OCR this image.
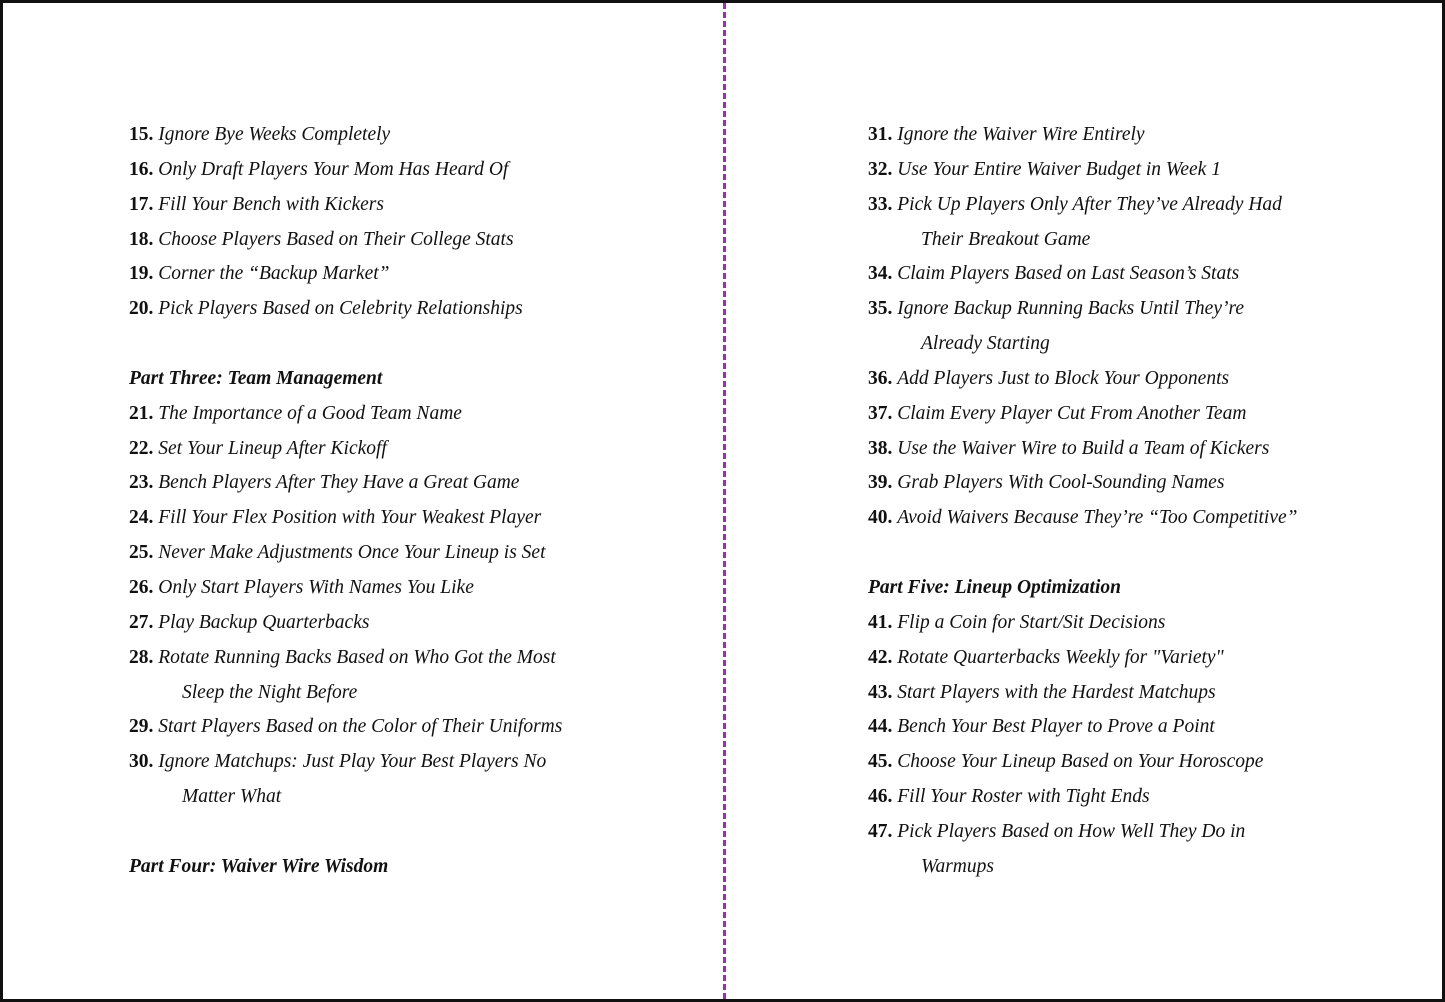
15. Ignore Bye Weeks Completely
16. Only Draft Players Your Mom Has Heard Of
17. Fill Your Bench with Kickers
18. Choose Players Based on Their College Stats
19. Corner the “Backup Market”
20. Pick Players Based on Celebrity Relationships
Part Three: Team Management
21. The Importance of a Good Team Name
22. Set Your Lineup After Kickoff
23. Bench Players After They Have a Great Game
24. Fill Your Flex Position with Your Weakest Player
25. Never Make Adjustments Once Your Lineup is Set
26. Only Start Players With Names You Like
27. Play Backup Quarterbacks
28. Rotate Running Backs Based on Who Got the Most
Sleep the Night Before
29. Start Players Based on the Color of Their Uniforms
30. Ignore Matchups: Just Play Your Best Players No
Matter What
Part Four: Waiver Wire Wisdom
31. Ignore the Waiver Wire Entirely
32. Use Your Entire Waiver Budget in Week 1
33. Pick Up Players Only After They’ve Already Had
Their Breakout Game
34. Claim Players Based on Last Season’s Stats
35. Ignore Backup Running Backs Until They’re
Already Starting
36. Add Players Just to Block Your Opponents
37. Claim Every Player Cut From Another Team
38. Use the Waiver Wire to Build a Team of Kickers
39. Grab Players With Cool-Sounding Names
40. Avoid Waivers Because They’re “Too Competitive”
Part Five: Lineup Optimization
41. Flip a Coin for Start/Sit Decisions
42. Rotate Quarterbacks Weekly for "Variety"
43. Start Players with the Hardest Matchups
44. Bench Your Best Player to Prove a Point
45. Choose Your Lineup Based on Your Horoscope
46. Fill Your Roster with Tight Ends
47. Pick Players Based on How Well They Do in
Warmups
